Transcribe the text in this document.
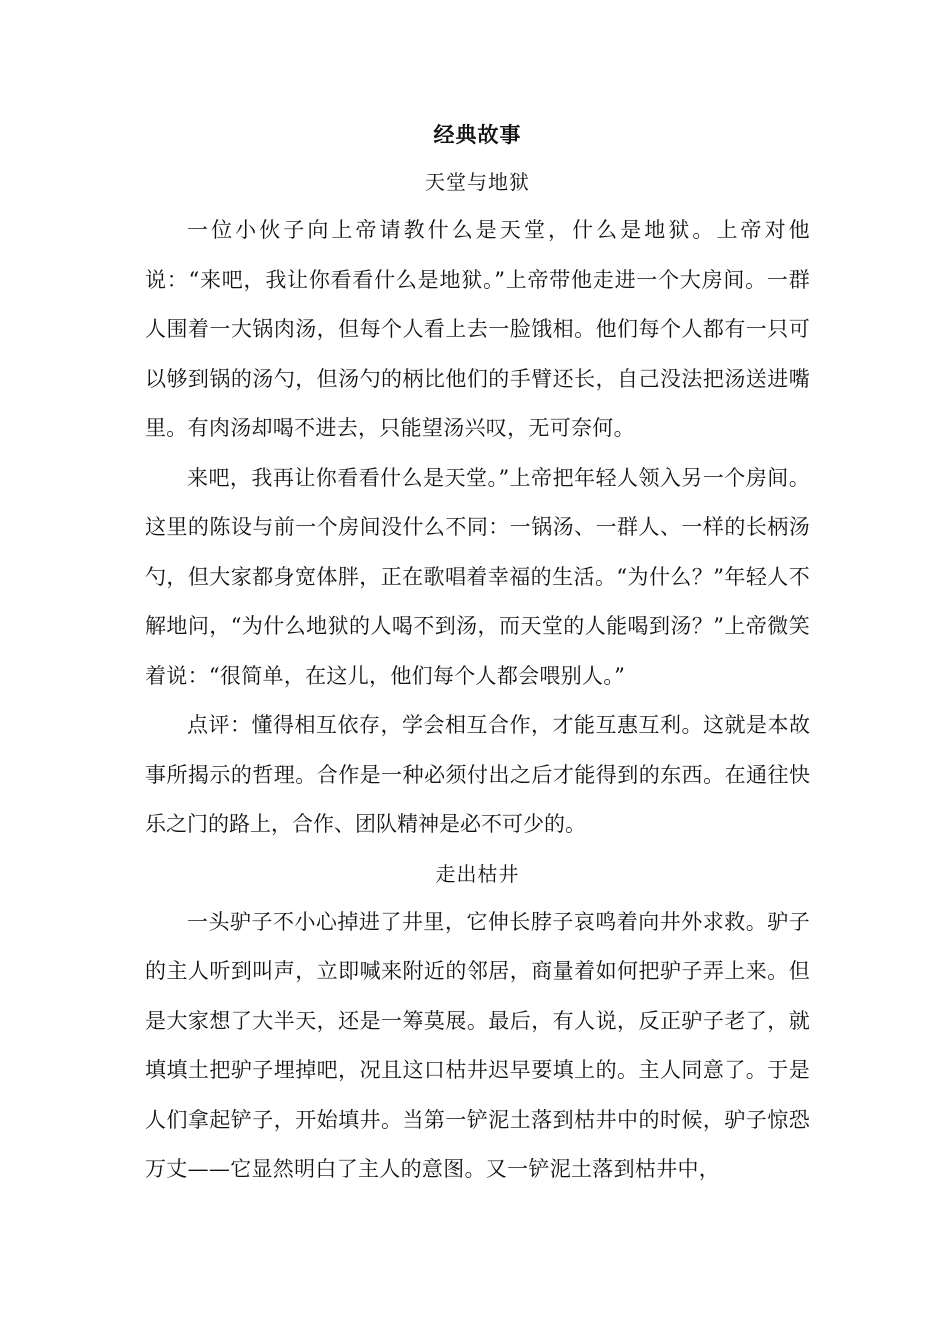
经典故事
天堂与地狱

一位小伙子向上帝请教什么是天堂，什么是地狱。上帝对他说：“来吧，我让你看看什么是地狱。”上帝带他走进一个大房间。一群人围着一大锅肉汤，但每个人看上去一脸饿相。他们每个人都有一只可以够到锅的汤勺，但汤勺的柄比他们的手臂还长，自己没法把汤送进嘴里。有肉汤却喝不进去，只能望汤兴叹，无可奈何。

来吧，我再让你看看什么是天堂。”上帝把年轻人领入另一个房间。这里的陈设与前一个房间没什么不同：一锅汤、一群人、一样的长柄汤勺，但大家都身宽体胖，正在歌唱着幸福的生活。“为什么？”年轻人不解地问，“为什么地狱的人喝不到汤，而天堂的人能喝到汤？”上帝微笑着说：“很简单，在这儿，他们每个人都会喂别人。”

点评：懂得相互依存，学会相互合作，才能互惠互利。这就是本故事所揭示的哲理。合作是一种必须付出之后才能得到的东西。在通往快乐之门的路上，合作、团队精神是必不可少的。

走出枯井

一头驴子不小心掉进了井里，它伸长脖子哀鸣着向井外求救。驴子的主人听到叫声，立即喊来附近的邻居，商量着如何把驴子弄上来。但是大家想了大半天，还是一筹莫展。最后，有人说，反正驴子老了，就填填土把驴子埋掉吧，况且这口枯井迟早要填上的。主人同意了。于是人们拿起铲子，开始填井。当第一铲泥土落到枯井中的时候，驴子惊恐万丈——它显然明白了主人的意图。又一铲泥土落到枯井中，
